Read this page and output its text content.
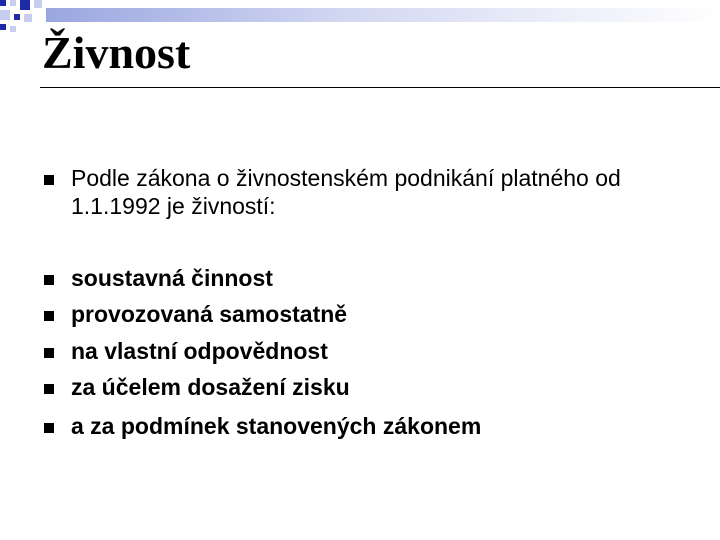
Živnost
Podle zákona o živnostenském podnikání platného od 1.1.1992 je živností:
soustavná činnost
provozovaná samostatně
na vlastní odpovědnost
za účelem dosažení zisku
a za podmínek stanovených zákonem
